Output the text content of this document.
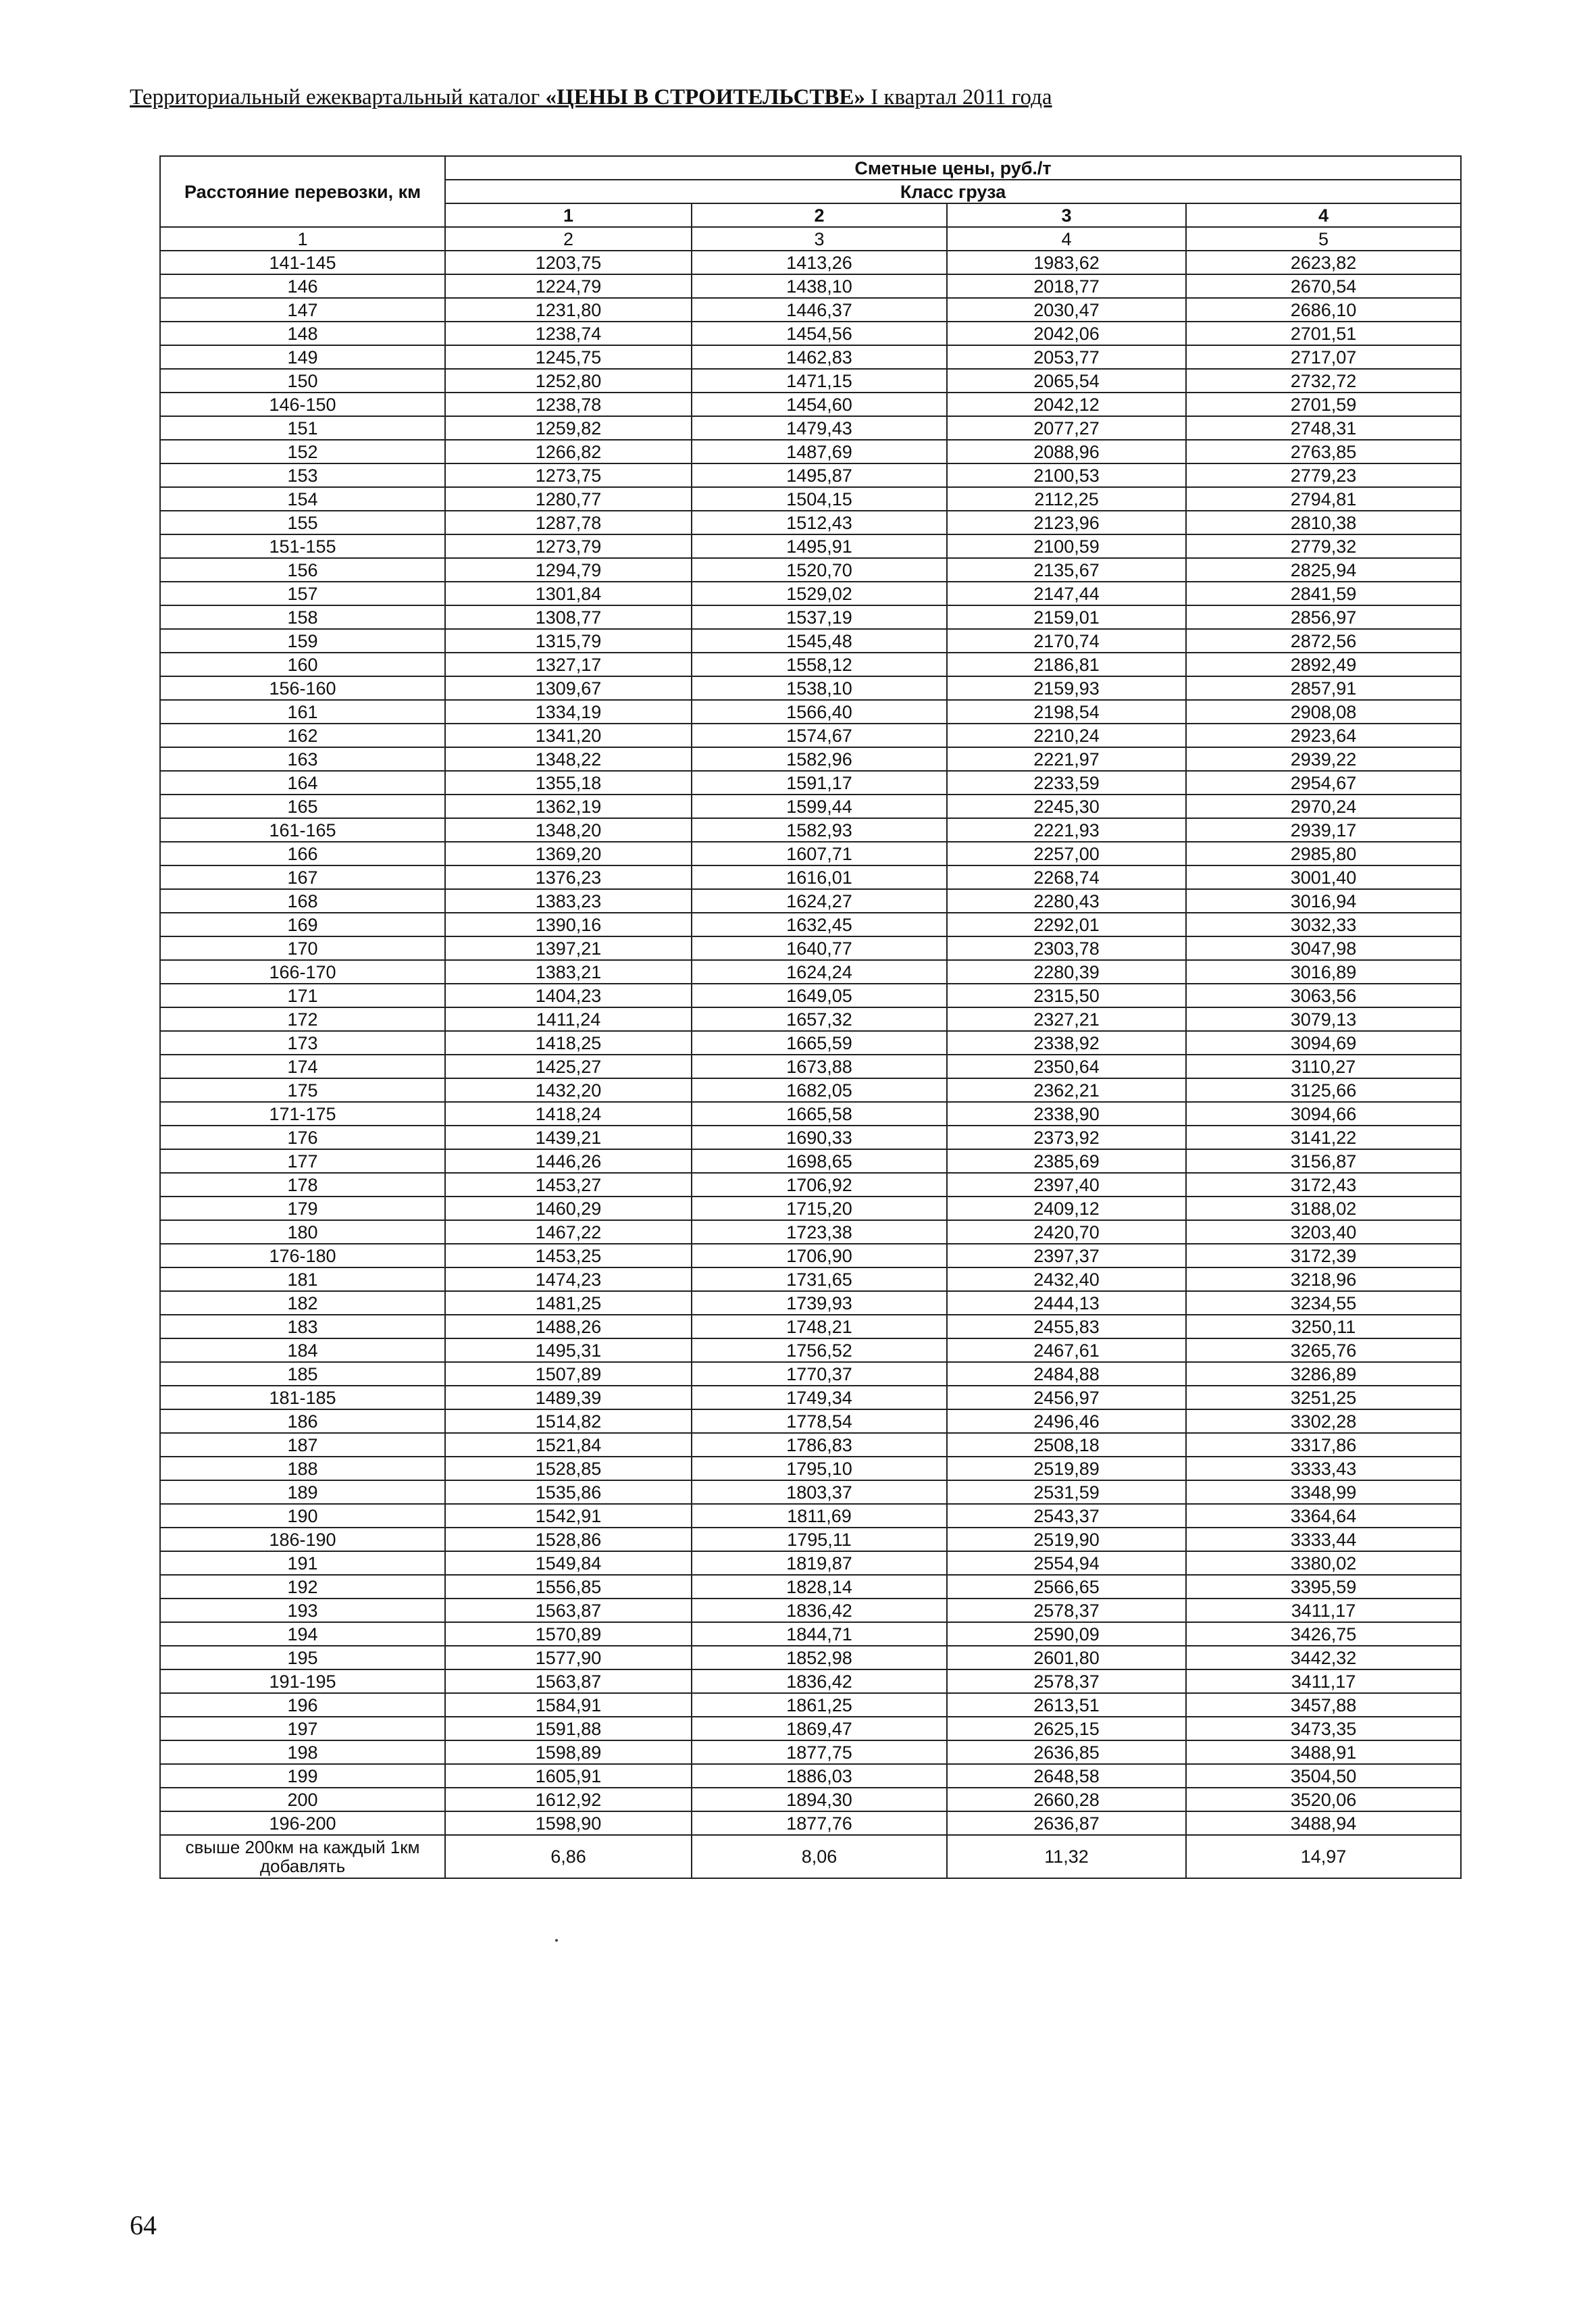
Территориальный ежеквартальный каталог «ЦЕНЫ В СТРОИТЕЛЬСТВЕ» I квартал 2011 года
Расстояние перевозки, км	Сметные цены, руб./т			
	Класс груза			
	1	2	3	4
1	2	3	4	5
141-145	1203,75	1413,26	1983,62	2623,82
146	1224,79	1438,10	2018,77	2670,54
147	1231,80	1446,37	2030,47	2686,10
148	1238,74	1454,56	2042,06	2701,51
149	1245,75	1462,83	2053,77	2717,07
150	1252,80	1471,15	2065,54	2732,72
146-150	1238,78	1454,60	2042,12	2701,59
151	1259,82	1479,43	2077,27	2748,31
152	1266,82	1487,69	2088,96	2763,85
153	1273,75	1495,87	2100,53	2779,23
154	1280,77	1504,15	2112,25	2794,81
155	1287,78	1512,43	2123,96	2810,38
151-155	1273,79	1495,91	2100,59	2779,32
156	1294,79	1520,70	2135,67	2825,94
157	1301,84	1529,02	2147,44	2841,59
158	1308,77	1537,19	2159,01	2856,97
159	1315,79	1545,48	2170,74	2872,56
160	1327,17	1558,12	2186,81	2892,49
156-160	1309,67	1538,10	2159,93	2857,91
161	1334,19	1566,40	2198,54	2908,08
162	1341,20	1574,67	2210,24	2923,64
163	1348,22	1582,96	2221,97	2939,22
164	1355,18	1591,17	2233,59	2954,67
165	1362,19	1599,44	2245,30	2970,24
161-165	1348,20	1582,93	2221,93	2939,17
166	1369,20	1607,71	2257,00	2985,80
167	1376,23	1616,01	2268,74	3001,40
168	1383,23	1624,27	2280,43	3016,94
169	1390,16	1632,45	2292,01	3032,33
170	1397,21	1640,77	2303,78	3047,98
166-170	1383,21	1624,24	2280,39	3016,89
171	1404,23	1649,05	2315,50	3063,56
172	1411,24	1657,32	2327,21	3079,13
173	1418,25	1665,59	2338,92	3094,69
174	1425,27	1673,88	2350,64	3110,27
175	1432,20	1682,05	2362,21	3125,66
171-175	1418,24	1665,58	2338,90	3094,66
176	1439,21	1690,33	2373,92	3141,22
177	1446,26	1698,65	2385,69	3156,87
178	1453,27	1706,92	2397,40	3172,43
179	1460,29	1715,20	2409,12	3188,02
180	1467,22	1723,38	2420,70	3203,40
176-180	1453,25	1706,90	2397,37	3172,39
181	1474,23	1731,65	2432,40	3218,96
182	1481,25	1739,93	2444,13	3234,55
183	1488,26	1748,21	2455,83	3250,11
184	1495,31	1756,52	2467,61	3265,76
185	1507,89	1770,37	2484,88	3286,89
181-185	1489,39	1749,34	2456,97	3251,25
186	1514,82	1778,54	2496,46	3302,28
187	1521,84	1786,83	2508,18	3317,86
188	1528,85	1795,10	2519,89	3333,43
189	1535,86	1803,37	2531,59	3348,99
190	1542,91	1811,69	2543,37	3364,64
186-190	1528,86	1795,11	2519,90	3333,44
191	1549,84	1819,87	2554,94	3380,02
192	1556,85	1828,14	2566,65	3395,59
193	1563,87	1836,42	2578,37	3411,17
194	1570,89	1844,71	2590,09	3426,75
195	1577,90	1852,98	2601,80	3442,32
191-195	1563,87	1836,42	2578,37	3411,17
196	1584,91	1861,25	2613,51	3457,88
197	1591,88	1869,47	2625,15	3473,35
198	1598,89	1877,75	2636,85	3488,91
199	1605,91	1886,03	2648,58	3504,50
200	1612,92	1894,30	2660,28	3520,06
196-200	1598,90	1877,76	2636,87	3488,94
свыше 200км на каждый 1км добавлять	6,86	8,06	11,32	14,97
64
